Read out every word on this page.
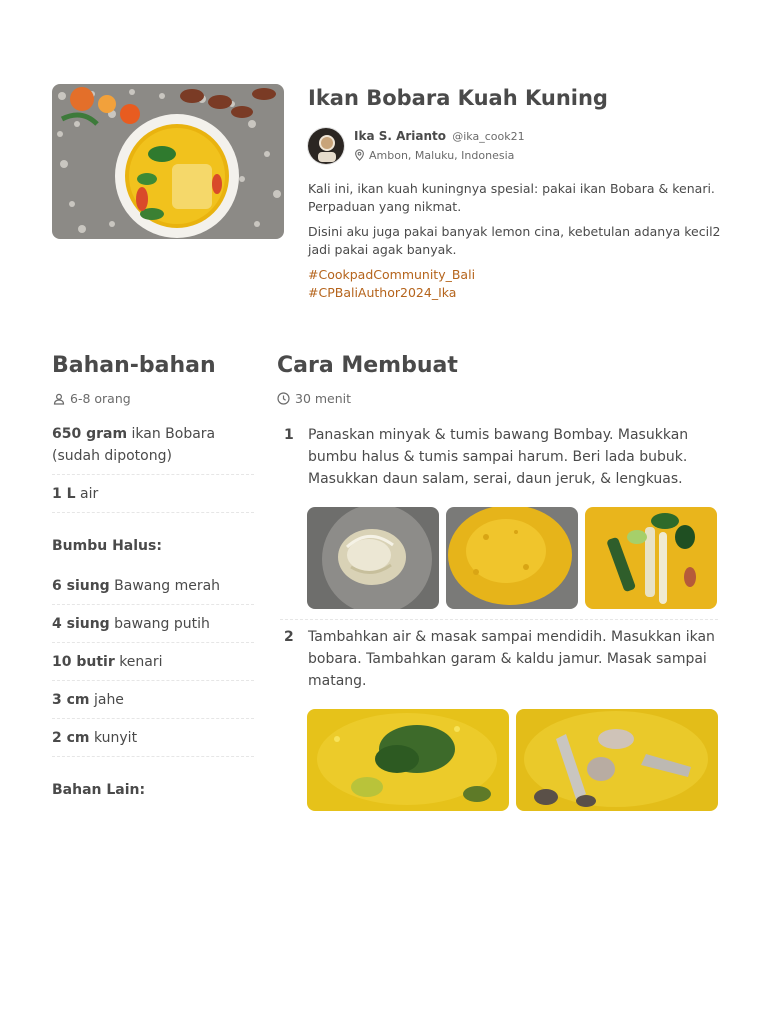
Ikan Bobara Kuah Kuning
Ika S. Arianto @ika_cook21
Ambon, Maluku, Indonesia

Kali ini, ikan kuah kuningnya spesial: pakai ikan Bobara & kenari. Perpaduan yang nikmat.

Disini aku juga pakai banyak lemon cina, kebetulan adanya kecil2 jadi pakai agak banyak.

#CookpadCommunity_Bali
#CPBaliAuthor2024_Ika
Bahan-bahan
6-8 orang
650 gram ikan Bobara (sudah dipotong)
1 L air
Bumbu Halus:
6 siung Bawang merah
4 siung bawang putih
10 butir kenari
3 cm jahe
2 cm kunyit
Bahan Lain:
Cara Membuat
30 menit
1 Panaskan minyak & tumis bawang Bombay. Masukkan bumbu halus & tumis sampai harum. Beri lada bubuk. Masukkan daun salam, serai, daun jeruk, & lengkuas.
2 Tambahkan air & masak sampai mendidih. Masukkan ikan bobara. Tambahkan garam & kaldu jamur. Masak sampai matang.
